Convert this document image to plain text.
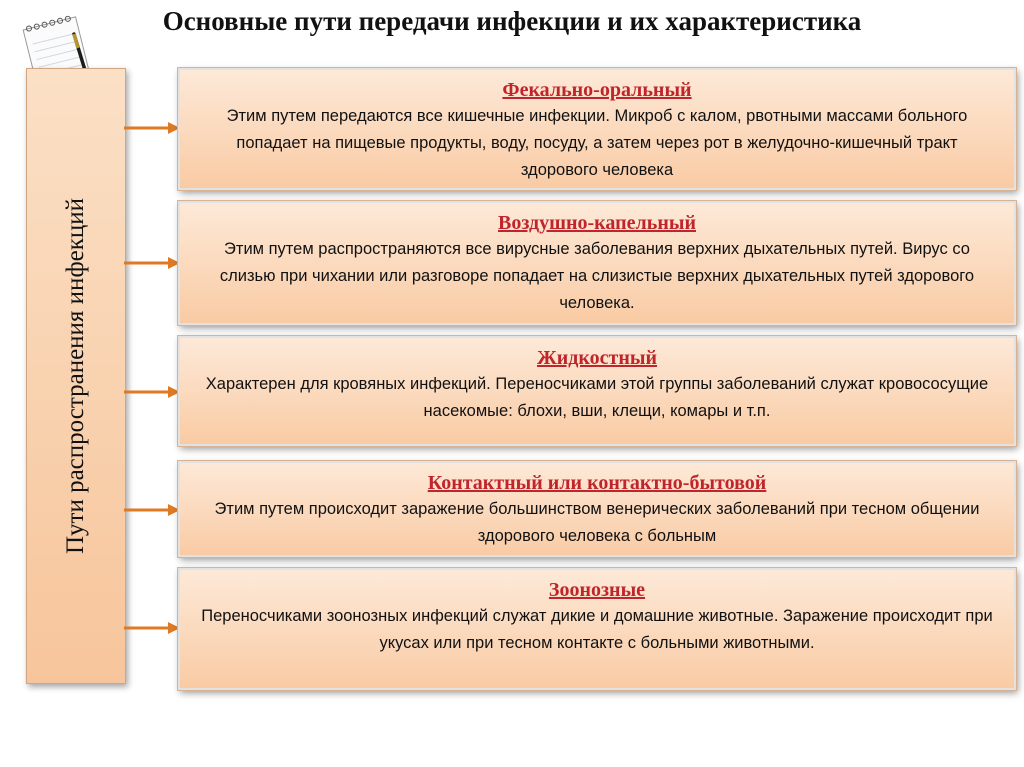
Основные пути передачи инфекции и их характеристика
Пути распространения инфекций
Фекально-оральный
Этим путем передаются все кишечные инфекции. Микроб с калом, рвотными массами больного попадает на пищевые продукты, воду, посуду, а затем через рот в желудочно-кишечный тракт здорового человека
Воздушно-капельный
Этим путем распространяются все вирусные заболевания верхних дыхательных путей. Вирус со слизью при чихании или разговоре попадает на слизистые верхних дыхательных путей здорового человека.
Жидкостный
Характерен для кровяных инфекций. Переносчиками этой группы заболеваний служат кровососущие насекомые: блохи, вши, клещи, комары и т.п.
Контактный или контактно-бытовой
Этим путем происходит заражение большинством венерических заболеваний при тесном общении здорового человека с больным
Зоонозные
Переносчиками зоонозных инфекций служат дикие и домашние животные. Заражение происходит при укусах или при тесном контакте с больными животными.
